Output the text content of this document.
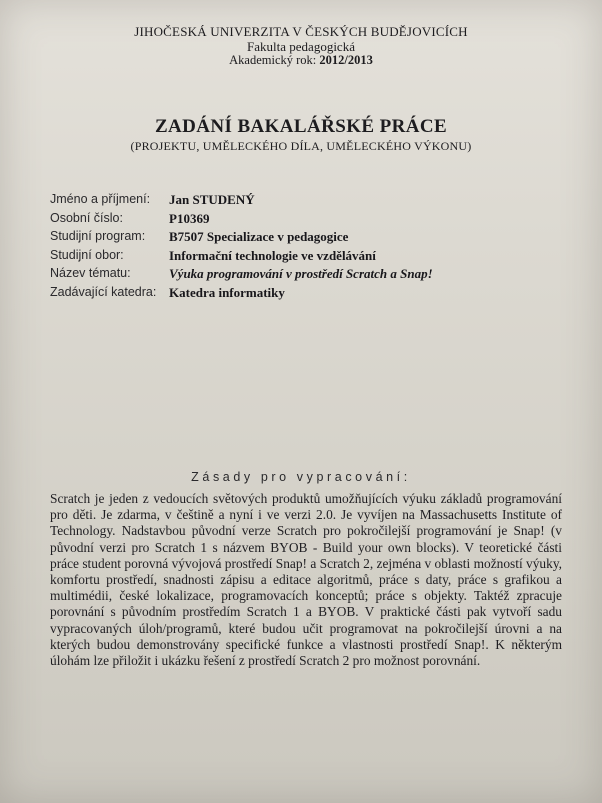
JIHOČESKÁ UNIVERZITA V ČESKÝCH BUDĚJOVICÍCH
Fakulta pedagogická
Akademický rok: 2012/2013
ZADÁNÍ BAKALÁŘSKÉ PRÁCE
(PROJEKTU, UMĚLECKÉHO DÍLA, UMĚLECKÉHO VÝKONU)
Jméno a příjmení: Jan STUDENÝ
Osobní číslo:	P10369
Studijní program: B7507 Specializace v pedagogice
Studijní obor:	Informační technologie ve vzdělávání
Název tématu:	Výuka programování v prostředí Scratch a Snap!
Zadávající katedra: Katedra informatiky
Zásady pro vypracování:
Scratch je jeden z vedoucích světových produktů umožňujících výuku základů programování pro děti. Je zdarma, v češtině a nyní i ve verzi 2.0. Je vyvíjen na Massachusetts Institute of Technology. Nadstavbou původní verze Scratch pro pokročilejší programování je Snap! (v původní verzi pro Scratch 1 s názvem BYOB - Build your own blocks). V teoretické části práce student porovná vývojová prostředí Snap! a Scratch 2, zejména v oblasti možností výuky, komfortu prostředí, snadnosti zápisu a editace algoritmů, práce s daty, práce s grafikou a multimédii, české lokalizace, programovacích konceptů; práce s objekty. Taktéž zpracuje porovnání s původním prostředím Scratch 1 a BYOB. V praktické části pak vytvoří sadu vypracovaných úloh/programů, které budou učit programovat na pokročilejší úrovni a na kterých budou demonstrovány specifické funkce a vlastnosti prostředí Snap!. K některým úlohám lze přiložit i ukázku řešení z prostředí Scratch 2 pro možnost porovnání.
